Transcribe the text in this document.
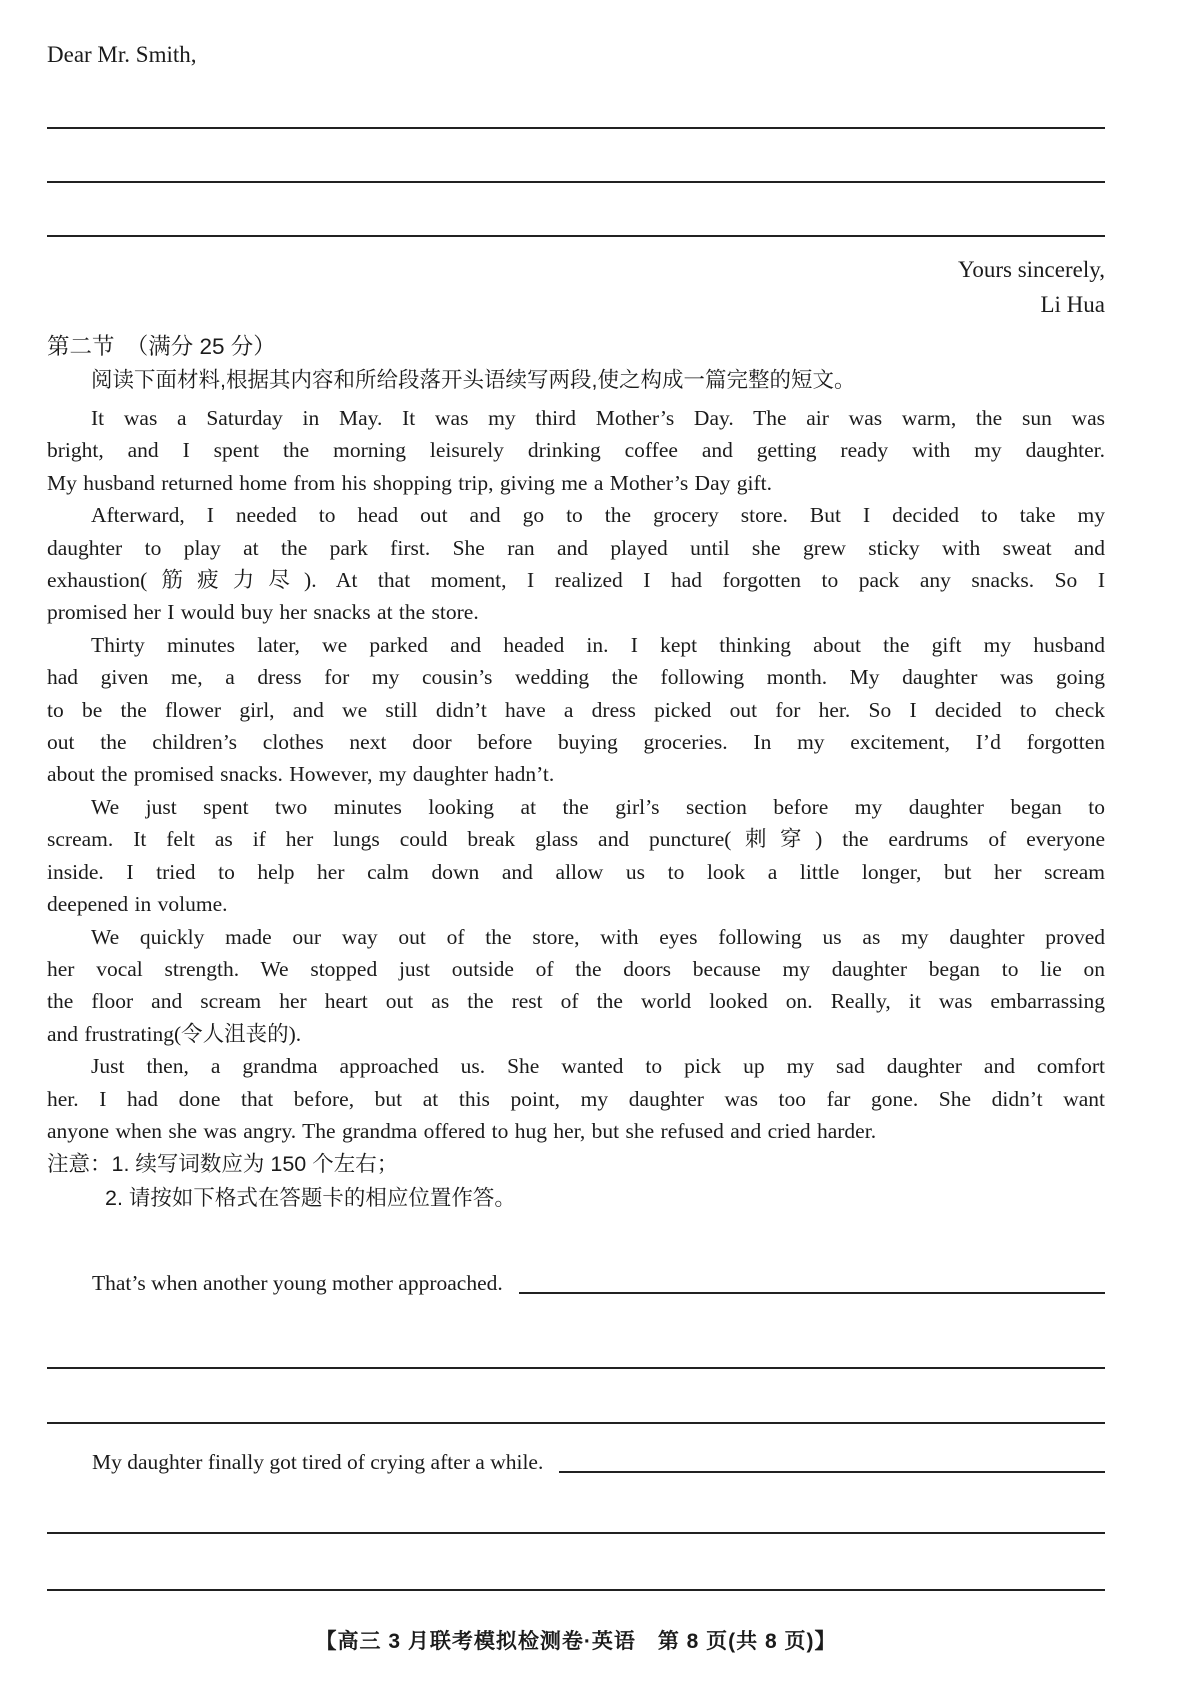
Dear Mr. Smith,
Yours sincerely,
Li Hua
第二节　（满分 25 分）
阅读下面材料,根据其内容和所给段落开头语续写两段,使之构成一篇完整的短文。
It was a Saturday in May. It was my third Mother’s Day. The air was warm, the sun was
bright, and I spent the morning leisurely drinking coffee and getting ready with my daughter.
My husband returned home from his shopping trip, giving me a Mother’s Day gift.
Afterward, I needed to head out and go to the grocery store. But I decided to take my
daughter to play at the park first. She ran and played until she grew sticky with sweat and
exhaustion(筋疲力尽). At that moment, I realized I had forgotten to pack any snacks. So I
promised her I would buy her snacks at the store.
Thirty minutes later, we parked and headed in. I kept thinking about the gift my husband
had given me, a dress for my cousin’s wedding the following month. My daughter was going
to be the flower girl, and we still didn’t have a dress picked out for her. So I decided to check
out the children’s clothes next door before buying groceries. In my excitement, I’d forgotten
about the promised snacks. However, my daughter hadn’t.
We just spent two minutes looking at the girl’s section before my daughter began to
scream. It felt as if her lungs could break glass and puncture(刺穿) the eardrums of everyone
inside. I tried to help her calm down and allow us to look a little longer, but her scream
deepened in volume.
We quickly made our way out of the store, with eyes following us as my daughter proved
her vocal strength. We stopped just outside of the doors because my daughter began to lie on
the floor and scream her heart out as the rest of the world looked on. Really, it was embarrassing
and frustrating(令人沮丧的).
Just then, a grandma approached us. She wanted to pick up my sad daughter and comfort
her. I had done that before, but at this point, my daughter was too far gone. She didn’t want
anyone when she was angry. The grandma offered to hug her, but she refused and cried harder.
注意：1. 续写词数应为 150 个左右；
2. 请按如下格式在答题卡的相应位置作答。
That’s when another young mother approached.
My daughter finally got tired of crying after a while.
【高三 3 月联考模拟检测卷·英语　第 8 页(共 8 页)】
